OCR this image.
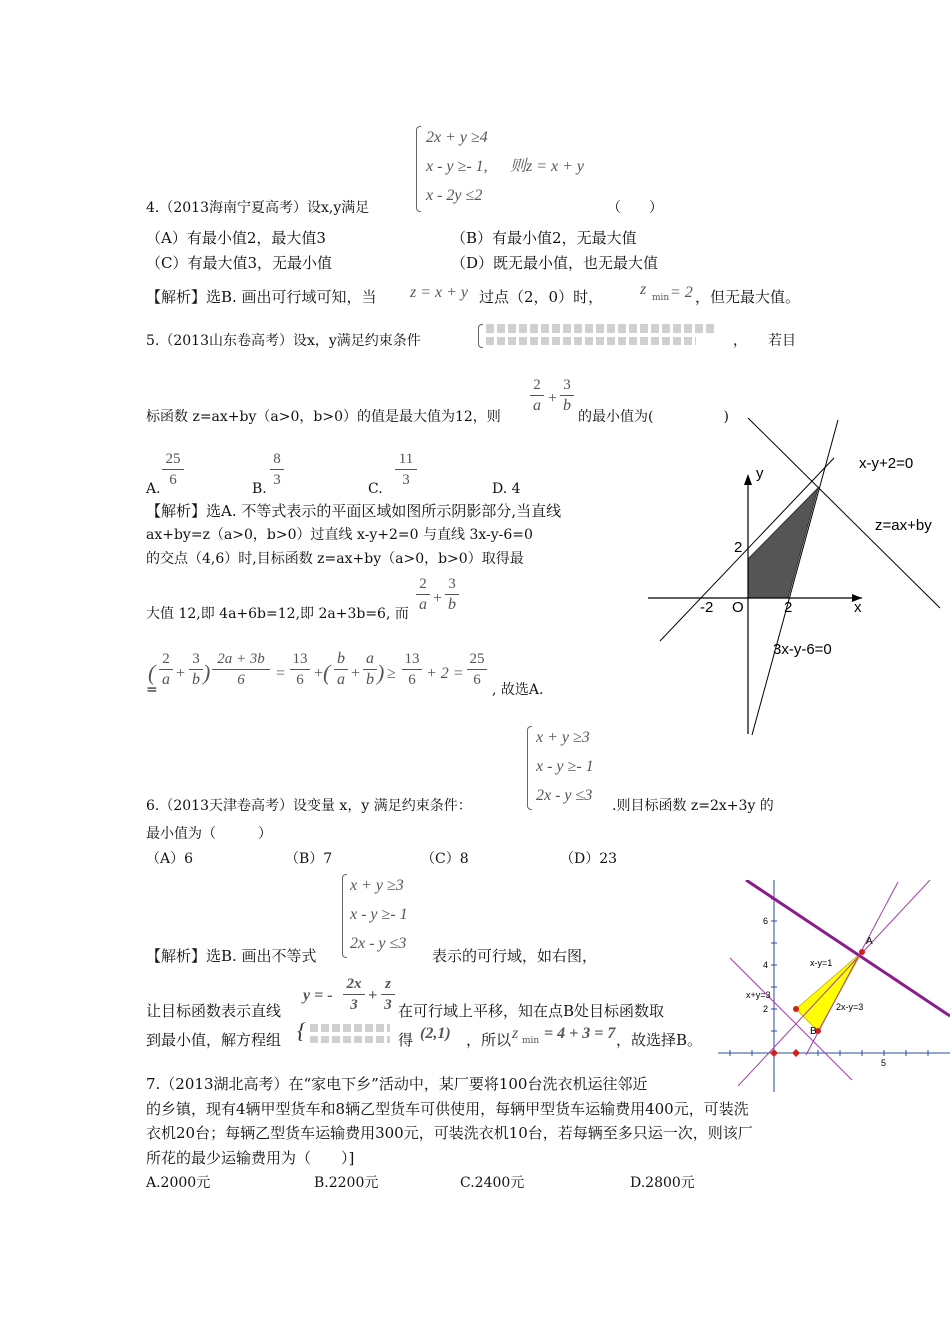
2x + y ≥4
x - y ≥- 1, 则z = x + y
x - 2y ≤2
4.（2013海南宁夏高考）设x,y满足	（　　）
（A）有最小值2，最大值3	（B）有最小值2，无最大值
（C）有最大值3，无最小值	（D）既无最小值，也无最大值
【解析】选B. 画出可行域可知，当 z = x + y 过点（2，0）时， z min = 2 ，但无最大值。
5.（2013山东卷高考）设x，y满足约束条件	，　　若目
2
a +
3
b
标函数 z=ax+by（a>0，b>0）的值是最大值为12，则	的最小值为(　　　　　)
A.
25
6
B.
8
3
C.
11
3
D. 4
【解析】选A. 不等式表示的平面区域如图所示阴影部分,当直线
ax+by=z（a>0，b>0）过直线 x-y+2=0 与直线 3x-y-6=0
的交点（4,6）时,目标函数 z=ax+by（a>0，b>0）取得最
大值 12,即 4a+6b=12,即 2a+3b=6, 而
2
a +
3
b
=
(
2
a +
3
b )
2a + 3b
6	=
13
6 + (
b
a +
a
b ) ≥
13
6 + 2 =
25
6
, 故选A.
y
x
2
-2 O	2
x-y+2=0
z=ax+by
3x-y-6=0
x + y ≥3
x - y ≥- 1
2x - y ≤3
6.（2013天津卷高考）设变量 x，y 满足约束条件：	.则目标函数 z=2x+3y 的
最小值为（　　　）
（A）6	（B）7	（C）8	（D）23
x + y ≥3
x - y ≥- 1
2x - y ≤3
【解析】选B. 画出不等式	表示的可行域，如右图，
让目标函数表示直线
y = -
2x
3
+
z
3 在可行域上平移，知在点B处目标函数取
到最小值，解方程组 {	得 (2,1) ，所以 z min = 4 + 3 = 7 ，故选择B。
6
4
2
5
A
B
x-y=1
x+y=3
2x-y=3
7.（2013湖北高考）在“家电下乡”活动中，某厂要将100台洗衣机运往邻近
的乡镇，现有4辆甲型货车和8辆乙型货车可供使用，每辆甲型货车运输费用400元，可装洗
衣机20台；每辆乙型货车运输费用300元，可装洗衣机10台，若每辆至多只运一次，则该厂
所花的最少运输费用为（　　）]
A.2000元	B.2200元	C.2400元	D.2800元
